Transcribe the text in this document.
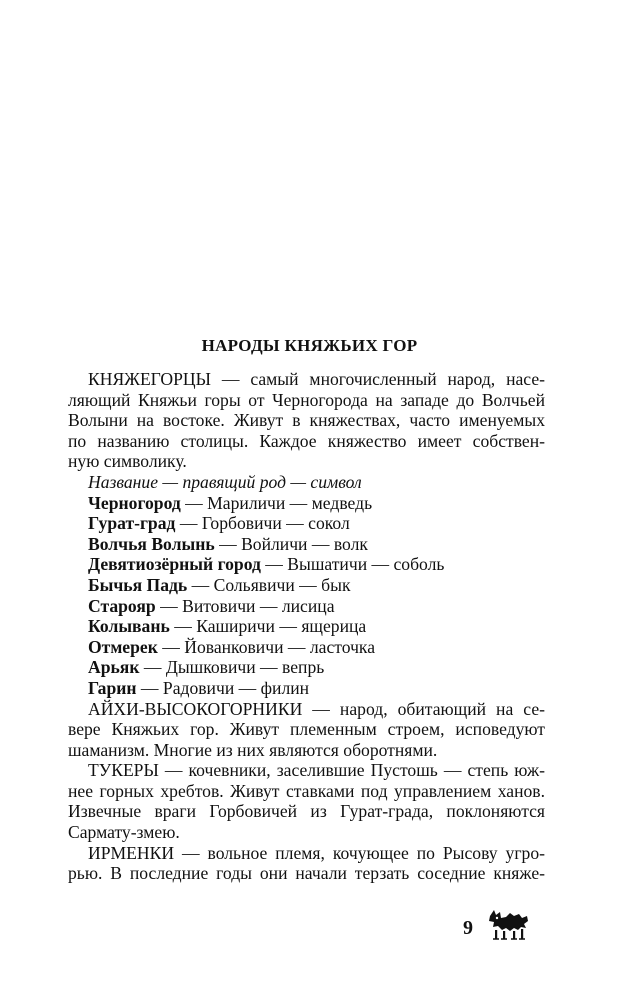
НАРОДЫ КНЯЖЬИХ ГОР
КНЯЖЕГОРЦЫ — самый многочисленный народ, насе-
ляющий Княжьи горы от Черногорода на западе до Волчьей
Волыни на востоке. Живут в княжествах, часто именуемых
по названию столицы. Каждое княжество имеет собствен-
ную символику.
Название — правящий род — символ
Черногород — Мариличи — медведь
Гурат-град — Горбовичи — сокол
Волчья Волынь — Войличи — волк
Девятиозёрный город — Вышатичи — соболь
Бычья Падь — Сольявичи — бык
Старояр — Витовичи — лисица
Колывань — Каширичи — ящерица
Отмерек — Йованковичи — ласточка
Арьяк — Дышковичи — вепрь
Гарин — Радовичи — филин
АЙХИ-ВЫСОКОГОРНИКИ — народ, обитающий на се-
вере Княжьих гор. Живут племенным строем, исповедуют
шаманизм. Многие из них являются оборотнями.
ТУКЕРЫ — кочевники, заселившие Пустошь — степь юж-
нее горных хребтов. Живут ставками под управлением ханов.
Извечные враги Горбовичей из Гурат-града, поклоняются
Сармату-змею.
ИРМЕНКИ — вольное племя, кочующее по Рысову угро-
рью. В последние годы они начали терзать соседние княже-
9
